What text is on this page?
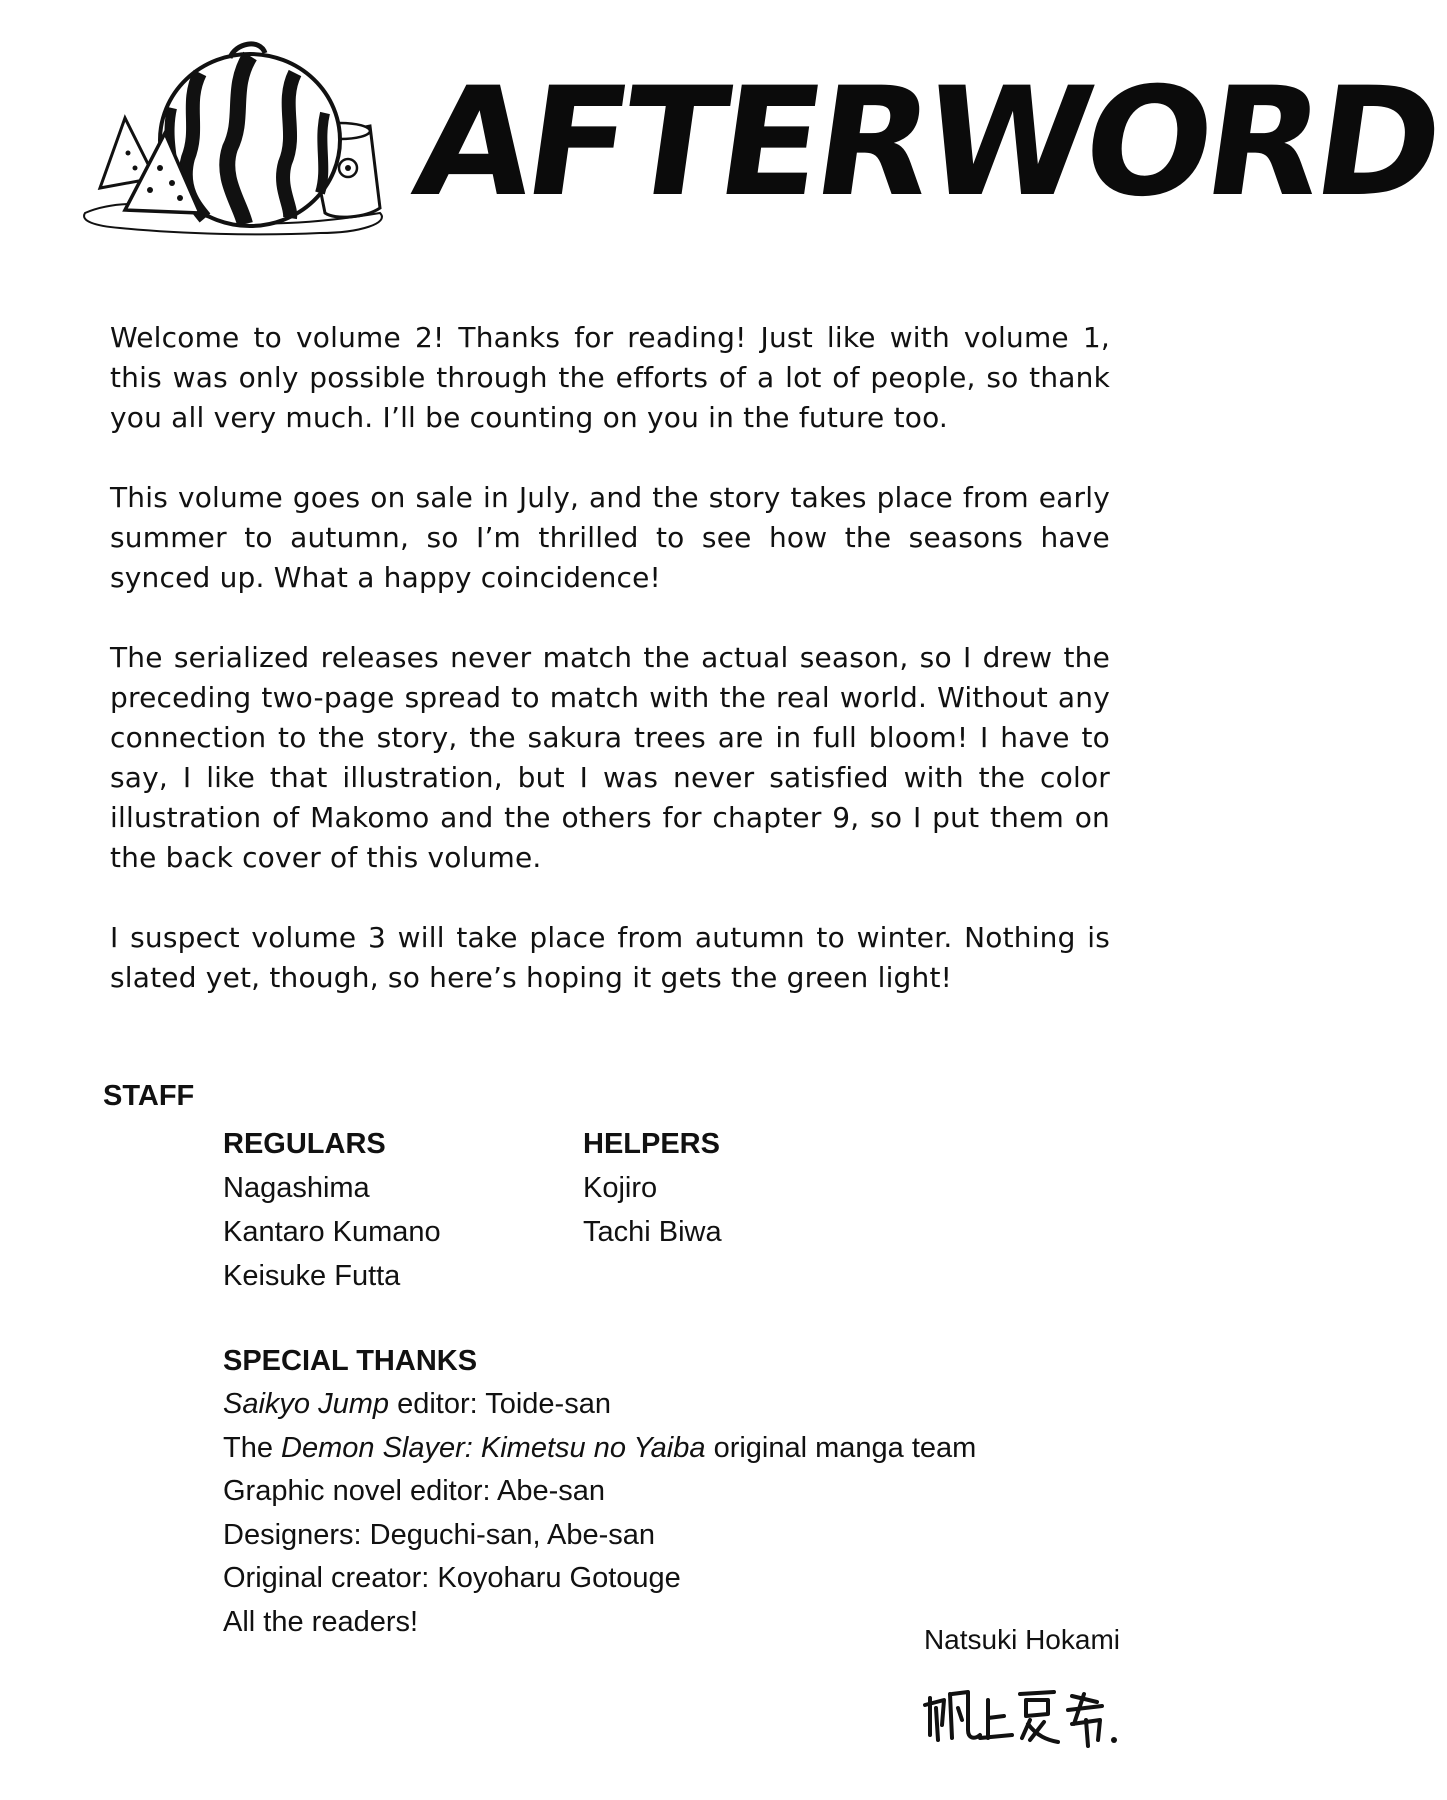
AFTERWORD

Welcome to volume 2! Thanks for reading! Just like with volume 1, this was only possible through the efforts of a lot of people, so thank you all very much. I’ll be counting on you in the future too.

This volume goes on sale in July, and the story takes place from early summer to autumn, so I’m thrilled to see how the seasons have synced up. What a happy coincidence!

The serialized releases never match the actual season, so I drew the preceding two-page spread to match with the real world. Without any connection to the story, the sakura trees are in full bloom! I have to say, I like that illustration, but I was never satisfied with the color illustration of Makomo and the others for chapter 9, so I put them on the back cover of this volume.

I suspect volume 3 will take place from autumn to winter. Nothing is slated yet, though, so here’s hoping it gets the green light!

STAFF
REGULARS
Nagashima
Kantaro Kumano
Keisuke Futta
HELPERS
Kojiro
Tachi Biwa
SPECIAL THANKS
Saikyo Jump editor: Toide-san
The Demon Slayer: Kimetsu no Yaiba original manga team
Graphic novel editor: Abe-san
Designers: Deguchi-san, Abe-san
Original creator: Koyoharu Gotouge
All the readers!
Natsuki Hokami
